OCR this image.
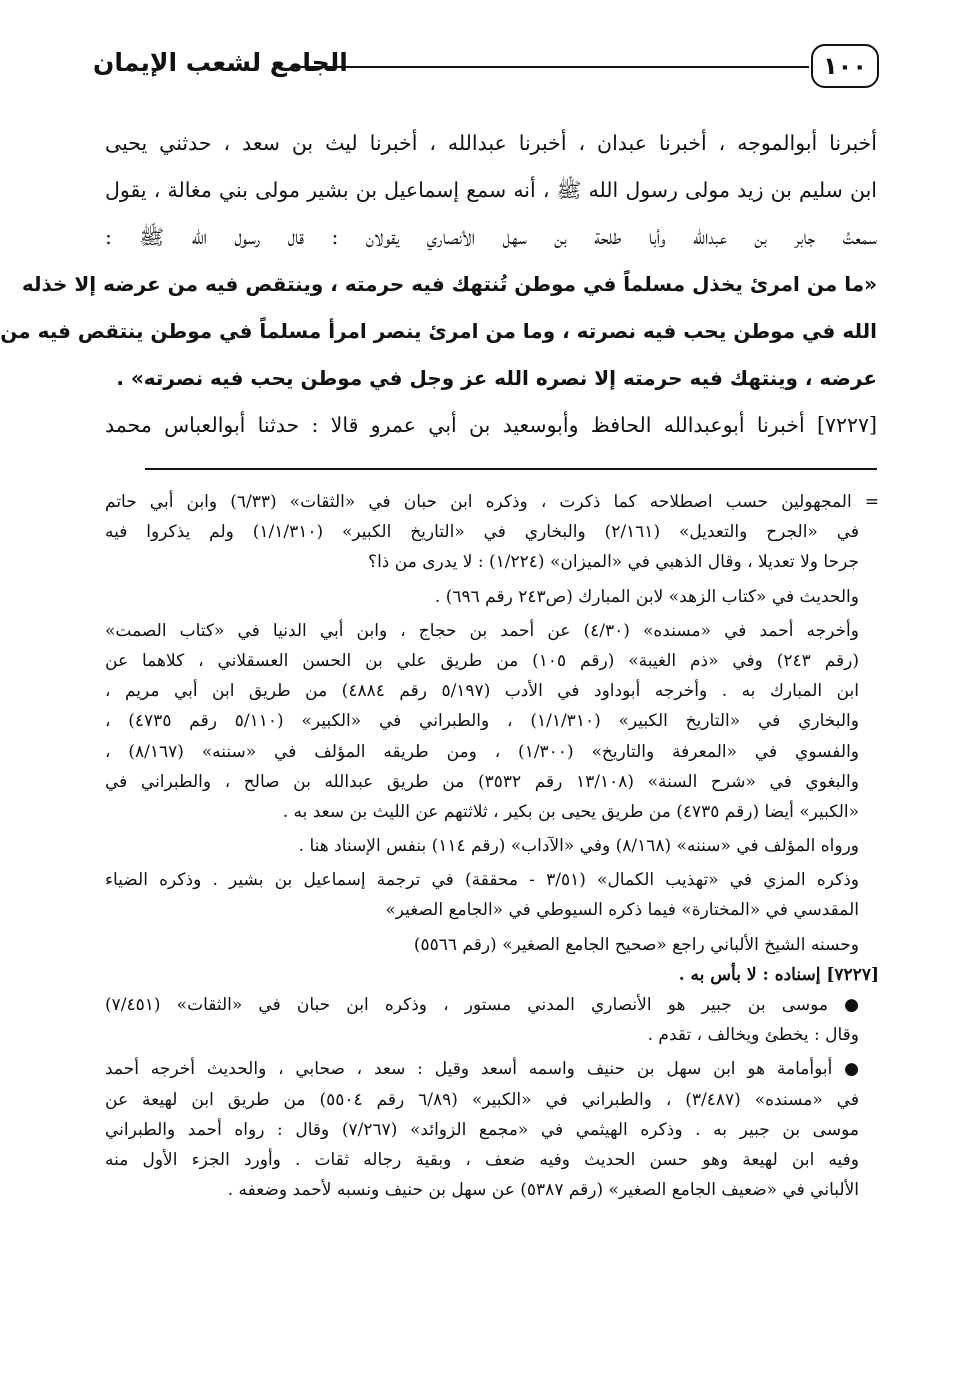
١٠٠
الجامع لشعب الإيمان
أخبرنا أبوالموجه ، أخبرنا عبدان ، أخبرنا عبدالله ، أخبرنا ليث بن سعد ، حدثني يحيى
ابن سليم بن زيد مولى رسول الله ﷺ ، أنه سمع إسماعيل بن بشير مولى بني مغالة ، يقول
سمعتُ جابر بن عبدالله وأبا طلحة بن سهل الأنصاري يقولان : قال رسول الله ﷺ :
«ما من امرئ يخذل مسلماً في موطن تُنتهك فيه حرمته ، وينتقص فيه من عرضه إلا خذله
الله في موطن يحب فيه نصرته ، وما من امرئ ينصر امرأ مسلماً في موطن ينتقص فيه من
عرضه ، وينتهك فيه حرمته إلا نصره الله عز وجل في موطن يحب فيه نصرته» .
[٧٢٢٧] أخبرنا أبوعبدالله الحافظ وأبوسعيد بن أبي عمرو قالا : حدثنا أبوالعباس محمد
= المجهولين حسب اصطلاحه كما ذكرت ، وذكره ابن حبان في «الثقات» (٦/٣٣) وابن أبي حاتم
في «الجرح والتعديل» (٢/١٦١) والبخاري في «التاريخ الكبير» (١/١/٣١٠) ولم يذكروا فيه
جرحا ولا تعديلا ، وقال الذهبي في «الميزان» (١/٢٢٤) : لا يدرى من ذا؟
والحديث في «كتاب الزهد» لابن المبارك (ص٢٤٣ رقم ٦٩٦) .
وأخرجه أحمد في «مسنده» (٤/٣٠) عن أحمد بن حجاج ، وابن أبي الدنيا في «كتاب الصمت»
(رقم ٢٤٣) وفي «ذم الغيبة» (رقم ١٠٥) من طريق علي بن الحسن العسقلاني ، كلاهما عن
ابن المبارك به . وأخرجه أبوداود في الأدب (٥/١٩٧ رقم ٤٨٨٤) من طريق ابن أبي مريم ،
والبخاري في «التاريخ الكبير» (١/١/٣١٠) ، والطبراني في «الكبير» (٥/١١٠ رقم ٤٧٣٥) ،
والفسوي في «المعرفة والتاريخ» (١/٣٠٠) ، ومن طريقه المؤلف في «سننه» (٨/١٦٧) ،
والبغوي في «شرح السنة» (١٣/١٠٨ رقم ٣٥٣٢) من طريق عبدالله بن صالح ، والطبراني في
«الكبير» أيضا (رقم ٤٧٣٥) من طريق يحيى بن بكير ، ثلاثتهم عن الليث بن سعد به .
ورواه المؤلف في «سننه» (٨/١٦٨) وفي «الآداب» (رقم ١١٤) بنفس الإسناد هنا .
وذكره المزي في «تهذيب الكمال» (٣/٥١ - محققة) في ترجمة إسماعيل بن بشير . وذكره الضياء
المقدسي في «المختارة» فيما ذكره السيوطي في «الجامع الصغير»
وحسنه الشيخ الألباني راجع «صحيح الجامع الصغير» (رقم ٥٥٦٦)
[٧٢٢٧] إسناده : لا بأس به .
● موسى بن جبير هو الأنصاري المدني مستور ، وذكره ابن حبان في «الثقات» (٧/٤٥١)
وقال : يخطئ ويخالف ، تقدم .
● أبوأمامة هو ابن سهل بن حنيف واسمه أسعد وقيل : سعد ، صحابي ، والحديث أخرجه أحمد
في «مسنده» (٣/٤٨٧) ، والطبراني في «الكبير» (٦/٨٩ رقم ٥٥٠٤) من طريق ابن لهيعة عن
موسى بن جبير به . وذكره الهيثمي في «مجمع الزوائد» (٧/٢٦٧) وقال : رواه أحمد والطبراني
وفيه ابن لهيعة وهو حسن الحديث وفيه ضعف ، وبقية رجاله ثقات . وأورد الجزء الأول منه
الألباني في «ضعيف الجامع الصغير» (رقم ٥٣٨٧) عن سهل بن حنيف ونسبه لأحمد وضعفه .
